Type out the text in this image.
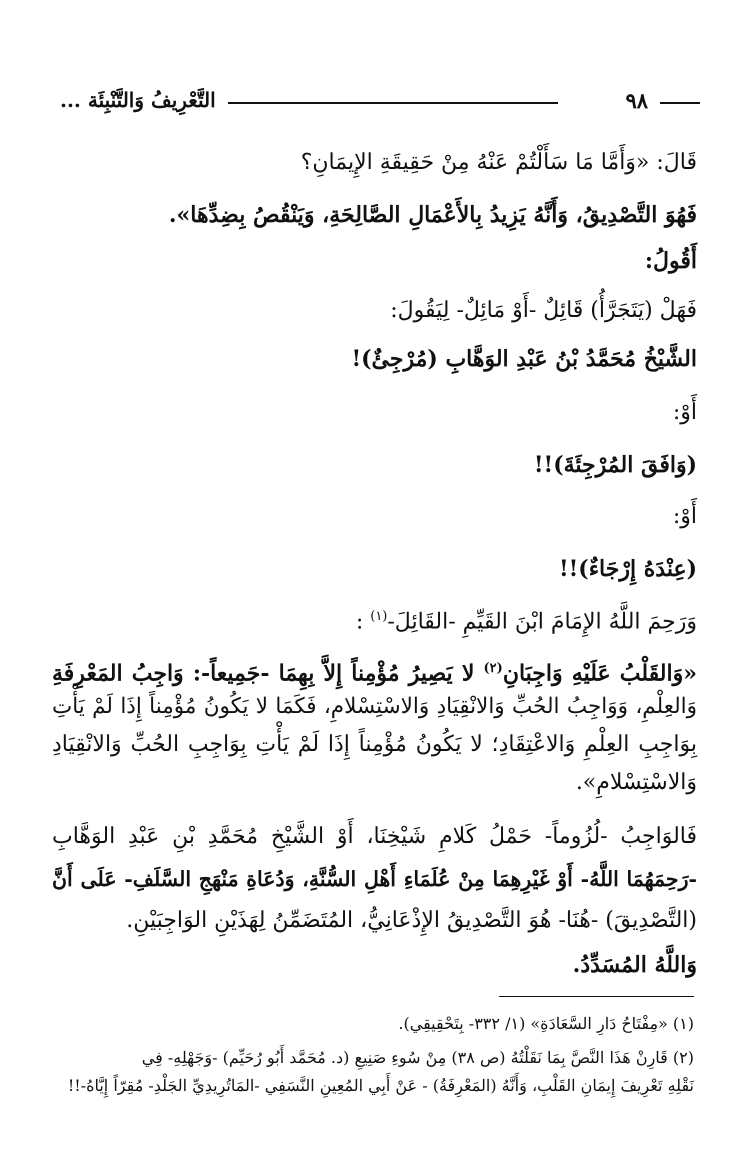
٩٨
التَّعْرِيفُ وَالتَّنْبِئَة ...
قَالَ: «وَأَمَّا مَا سَأَلْتُمْ عَنْهُ مِنْ حَقِيقَةِ الإِيمَانِ؟
فَهُوَ التَّصْدِيقُ، وَأَنَّهُ يَزِيدُ بِالأَعْمَالِ الصَّالِحَةِ، وَيَنْقُصُ بِضِدِّهَا».
أَقُولُ:
فَهَلْ (يَتَجَرَّأُ) قَائِلٌ -أَوْ مَائِلٌ- لِيَقُولَ:
الشَّيْخُ مُحَمَّدُ بْنُ عَبْدِ الوَهَّابِ (مُرْجِئٌ)!
أَوْ:
(وَافَقَ المُرْجِئَةَ)!!
أَوْ:
(عِنْدَهُ إِرْجَاءٌ)!!
وَرَحِمَ اللَّهُ الإِمَامَ ابْنَ القَيِّمِ -القَائِلَ-$^{(١)}$ :
«وَالقَلْبُ عَلَيْهِ وَاجِبَانِ$^{(٢)}$ لا يَصِيرُ مُؤْمِناً إِلاَّ بِهِمَا -جَمِيعاً-: وَاجِبُ المَعْرِفَةِ
وَالعِلْمِ، وَوَاجِبُ الحُبِّ وَالانْقِيَادِ وَالاسْتِسْلامِ، فَكَمَا لا يَكُونُ مُؤْمِناً إِذَا لَمْ يَأْتِ
بِوَاجِبِ العِلْمِ وَالاعْتِقَادِ؛ لا يَكُونُ مُؤْمِناً إِذَا لَمْ يَأْتِ بِوَاجِبِ الحُبِّ وَالانْقِيَادِ
وَالاسْتِسْلامِ».
فَالوَاجِبُ -لُزُوماً- حَمْلُ كَلامِ شَيْخِنَا، أَوْ الشَّيْخِ مُحَمَّدِ بْنِ عَبْدِ الوَهَّابِ
-رَحِمَهُمَا اللَّهُ- أَوْ غَيْرِهِمَا مِنْ عُلَمَاءِ أَهْلِ السُّنَّةِ، وَدُعَاةِ مَنْهَجِ السَّلَفِ- عَلَى أَنَّ
(التَّصْدِيقَ) -هُنَا- هُوَ التَّصْدِيقُ الإِذْعَانِيُّ، المُتَضَمِّنُ لِهَذَيْنِ الوَاجِبَيْنِ.
وَاللَّهُ المُسَدِّدُ.
(١) «مِفْتَاحُ دَارِ السَّعَادَةِ» (١/ ٣٣٢- بِتَحْقِيقِي).
(٢) قَارِنْ هَذَا النَّصَّ بِمَا نَقَلْتُهُ (ص ٣٨) مِنْ سُوءِ صَنِيعِ (د. مُحَمَّد أَبُو رُحَيِّم) -وَجَهْلِهِ- فِي
نَقْلِهِ تَعْرِيفَ إِيمَانِ القَلْبِ، وَأَنَّهُ (المَعْرِفَةُ) - عَنْ أَبِي المُعِينِ النَّسَفِي -المَاتُرِيدِيِّ الجَلْدِ- مُقِرّاً إِيَّاهُ-!!
